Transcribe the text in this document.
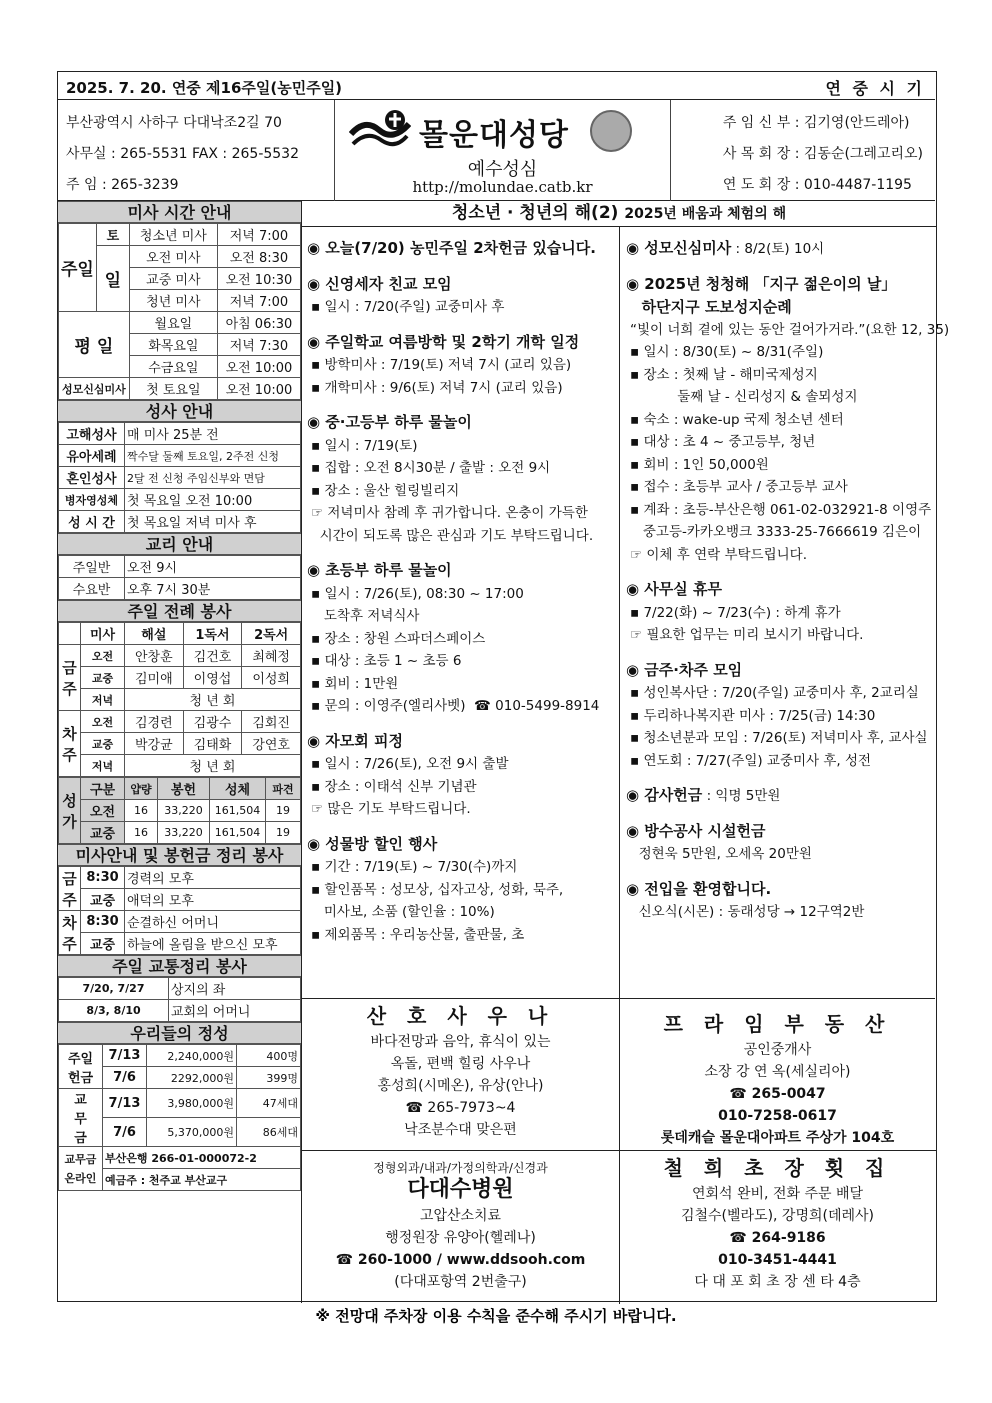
2025. 7. 20. 연중 제16주일(농민주일)	연 중 시 기
부산광역시 사하구 다대낙조2길 70
사무실 : 265-5531 FAX : 265-5532
주 임 : 265-3239
몰운대성당
예수성심
http://molundae.catb.kr
주 임 신 부 : 김기영(안드레아)
사 목 회 장 : 김동순(그레고리오)
연 도 회 장 : 010-4487-1195
미사 시간 안내
주일	토	청소년 미사	저녁 7:00
	일	오전 미사	오전 8:30
		교중 미사	오전 10:30
		청년 미사	저녁 7:00
평 일		월요일	아침 06:30
		화목요일	저녁 7:30
		수금요일	오전 10:00
성모신심미사		첫 토요일	오전 10:00
성사 안내
고해성사	매 미사 25분 전
유아세례	짝수달 둘째 토요일, 2주전 신청
혼인성사	2달 전 신청 주임신부와 면담
병자영성체	첫 목요일 오전 10:00
성 시 간	첫 목요일 저녁 미사 후
교리 안내
주일반	오전 9시
수요반	오후 7시 30분
주일 전례 봉사
	미사	해설	1독서	2독서
금주	오전	안창훈	김건호	최혜정
	교중	김미애	이영섭	이성희
	저녁	청 년 회		
차주	오전	김경련	김광수	김회진
	교중	박강균	김태화	강연호
	저녁	청 년 회		
성가	구분	얍량	봉헌	성체	파견
	오전	16	33,220	161,504	19
	교중	16	33,220	161,504	19
미사안내 및 봉헌금 정리 봉사
금주	8:30	경력의 모후
	교중	애덕의 모후
차주	8:30	순결하신 어머니
	교중	하늘에 올림을 받으신 모후
주일 교통정리 봉사
7/20, 7/27	상지의 좌
8/3, 8/10	교회의 어머니
우리들의 정성
주일 헌금	7/13	2,240,000원	400명
	7/6	2292,000원	399명
교무금	7/13	3,980,000원	47세대
	7/6	5,370,000원	86세대
교무금 온라인	부산은행 266-01-000072-2		
	예금주 : 천주교 부산교구		
청소년 · 청년의 해(2) 2025년 배움과 체험의 해
◉ 오늘(7/20) 농민주일 2차헌금 있습니다.
◉ 신영세자 친교 모임
▪ 일시 : 7/20(주일) 교중미사 후
◉ 주일학교 여름방학 및 2학기 개학 일정
▪ 방학미사 : 7/19(토) 저녁 7시 (교리 있음)
▪ 개학미사 : 9/6(토) 저녁 7시 (교리 있음)
◉ 중·고등부 하루 물놀이
▪ 일시 : 7/19(토)
▪ 집합 : 오전 8시30분 / 출발 : 오전 9시
▪ 장소 : 울산 힐링빌리지
☞ 저녁미사 참례 후 귀가합니다. 온충이 가득한
시간이 되도록 많은 관심과 기도 부탁드립니다.
◉ 초등부 하루 물놀이
▪ 일시 : 7/26(토), 08:30 ~ 17:00
도착후 저녁식사
▪ 장소 : 창원 스파더스페이스
▪ 대상 : 초등 1 ~ 초등 6
▪ 회비 : 1만원
▪ 문의 : 이영주(엘리사벳)  ☎ 010-5499-8914
◉ 자모회 피정
▪ 일시 : 7/26(토), 오전 9시 출발
▪ 장소 : 이태석 신부 기념관
☞ 많은 기도 부탁드립니다.
◉ 성물방 할인 행사
▪ 기간 : 7/19(토) ~ 7/30(수)까지
▪ 할인품목 : 성모상, 십자고상, 성화, 묵주,
미사보, 소품 (할인율 : 10%)
▪ 제외품목 : 우리농산물, 출판물, 초
◉ 성모신심미사 : 8/2(토) 10시
◉ 2025년 청청해 「지구 젊은이의 날」
하단지구 도보성지순례
“빛이 너희 곁에 있는 동안 걸어가거라.”(요한 12, 35)
▪ 일시 : 8/30(토) ~ 8/31(주일)
▪ 장소 : 첫째 날 - 해미국제성지
둘째 날 - 신리성지 & 솔뫼성지
▪ 숙소 : wake-up 국제 청소년 센터
▪ 대상 : 초 4 ~ 중고등부, 청년
▪ 회비 : 1인 50,000원
▪ 접수 : 초등부 교사 / 중고등부 교사
▪ 계좌 : 초등-부산은행 061-02-032921-8 이영주
중고등-카카오뱅크 3333-25-7666619 김은이
☞ 이체 후 연락 부탁드립니다.
◉ 사무실 휴무
▪ 7/22(화) ~ 7/23(수) : 하계 휴가
☞ 필요한 업무는 미리 보시기 바랍니다.
◉ 금주·차주 모임
▪ 성인복사단 : 7/20(주일) 교중미사 후, 2교리실
▪ 두리하나복지관 미사 : 7/25(금) 14:30
▪ 청소년분과 모임 : 7/26(토) 저녁미사 후, 교사실
▪ 연도회 : 7/27(주일) 교중미사 후, 성전
◉ 감사헌금 : 익명 5만원
◉ 방수공사 시설헌금
정현욱 5만원, 오세옥 20만원
◉ 전입을 환영합니다.
신오식(시몬) : 동래성당 → 12구역2반
산 호 사 우 나
바다전망과 음악, 휴식이 있는
옥돌, 편백 힐링 사우나
홍성희(시메온), 유상(안나)
☎ 265-7973~4
낙조분수대 맞은편
프 라 임 부 동 산
공인중개사
소장 강 연 옥(세실리아)
☎ 265-0047
010-7258-0617
롯데캐슬 몰운대아파트 주상가 104호
정형외과/내과/가정의학과/신경과
다대수병원
고압산소치료
행정원장 유양아(헬레나)
☎ 260-1000 / www.ddsooh.com
(다대포항역 2번출구)
철 희 초 장 횟 집
연회석 완비, 전화 주문 배달
김철수(벨라도), 강명희(데레사)
☎ 264-9186
010-3451-4441
다 대 포 회 초 장 센 타 4층
※ 전망대 주차장 이용 수칙을 준수해 주시기 바랍니다.
